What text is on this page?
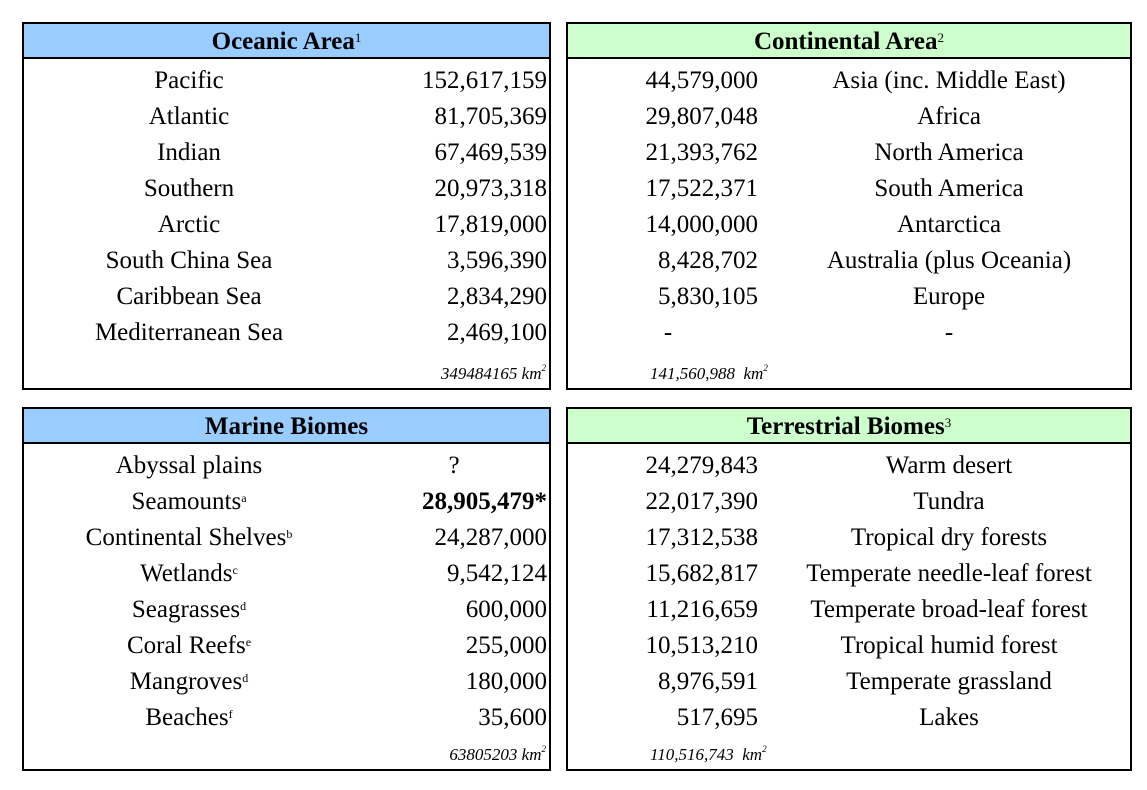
Oceanic Area$^1$
Pacific	152,617,159
Atlantic	81,705,369
Indian	67,469,539
Southern	20,973,318
Arctic	17,819,000
South China Sea	3,596,390
Caribbean Sea	2,834,290
Mediterranean Sea	2,469,100
349484165 $km^2$
Continental Area$^2$
44,579,000	Asia (inc. Middle East)
29,807,048	Africa
21,393,762	North America
17,522,371	South America
14,000,000	Antarctica
8,428,702	Australia (plus Oceania)
5,830,105	Europe
-	-
141,560,988  $km^2$
Marine Biomes
Abyssal plains	?
Seamounts$^a$	28,905,479*
Continental Shelves$^b$	24,287,000
Wetlands$^c$	9,542,124
Seagrasses$^d$	600,000
Coral Reefs$^e$	255,000
Mangroves$^d$	180,000
Beaches$^f$	35,600
63805203 $km^2$
Terrestrial Biomes$^3$
24,279,843	Warm desert
22,017,390	Tundra
17,312,538	Tropical dry forests
15,682,817	Temperate needle-leaf forest
11,216,659	Temperate broad-leaf forest
10,513,210	Tropical humid forest
8,976,591	Temperate grassland
517,695	Lakes
110,516,743  $km^2$
